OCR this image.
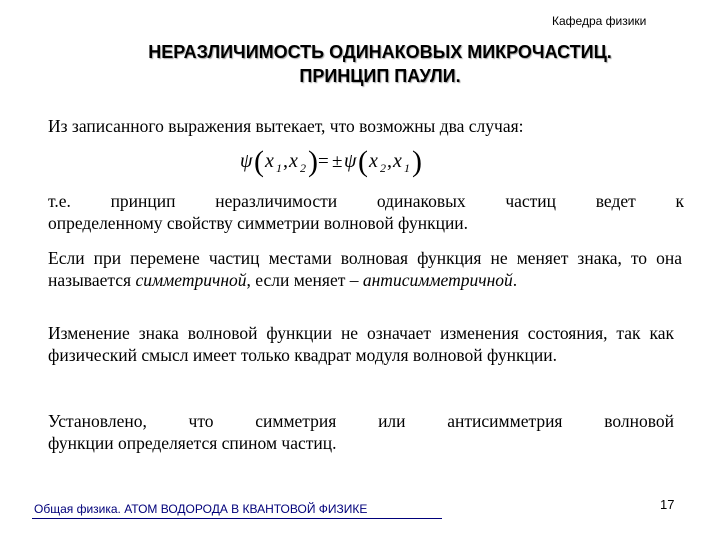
Кафедра физики
НЕРАЗЛИЧИМОСТЬ ОДИНАКОВЫХ МИКРОЧАСТИЦ.
ПРИНЦИП ПАУЛИ.
Из записанного выражения вытекает, что возможны два случая:
ψ ( x 1 , x 2 ) = ± ψ ( x 2 , x 1 )
т.е. принцип неразличимости одинаковых частиц ведет к
определенному свойству симметрии волновой функции.
Если при перемене частиц местами волновая функция не меняет знака, то она называется симметричной, если меняет – антисимметричной.
Изменение знака волновой функции не означает изменения состояния, так как физический смысл имеет только квадрат модуля волновой функции.
Установлено, что симметрия или антисимметрия волновой
функции определяется спином частиц.
Общая физика. АТОМ ВОДОРОДА В КВАНТОВОЙ ФИЗИКЕ	17
